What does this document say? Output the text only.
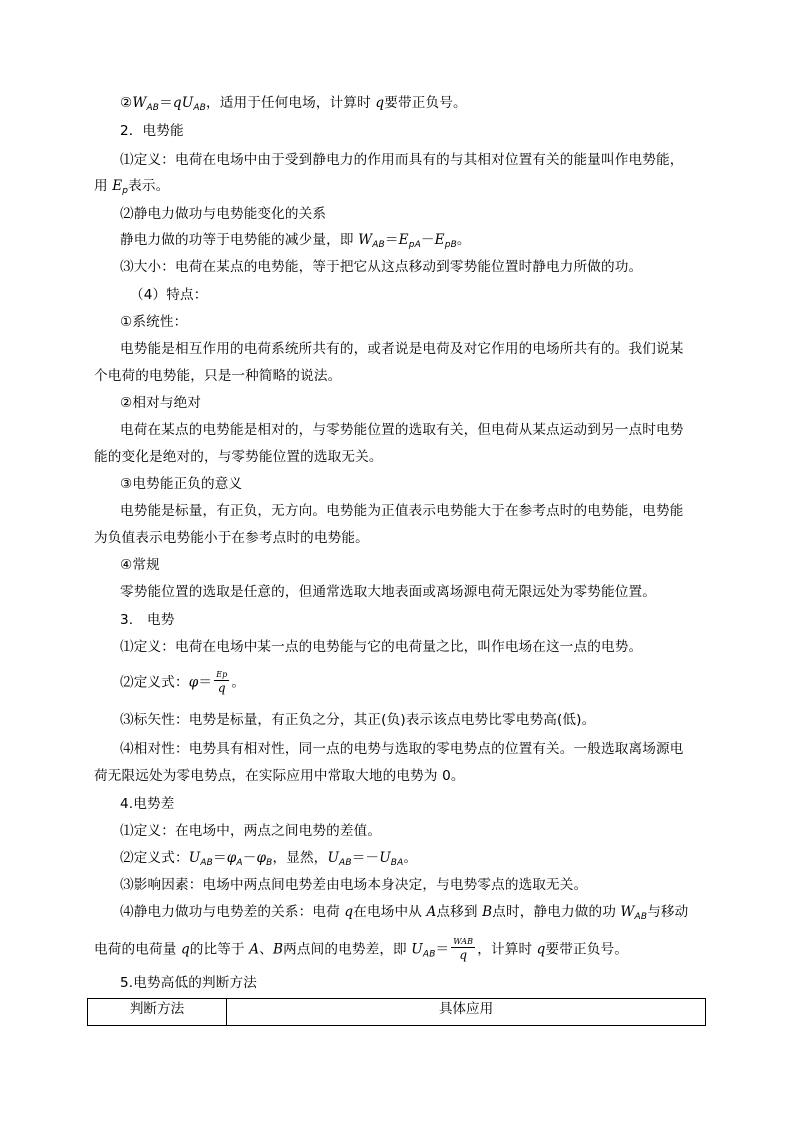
$②W_{AB}=qU_{AB}$，适用于任何电场，计算时 q要带正负号。
2．电势能
⑴定义：电荷在电场中由于受到静电力的作用而具有的与其相对位置有关的能量叫作电势能，
用 $E_p$表示。
⑵静电力做功与电势能变化的关系
静电力做的功等于电势能的减少量，即 $W_{AB}=E_{pA}-E_{pB}$。
⑶大小：电荷在某点的电势能，等于把它从这点移动到零势能位置时静电力所做的功。
（4）特点：
①系统性：
电势能是相互作用的电荷系统所共有的，或者说是电荷及对它作用的电场所共有的。我们说某
个电荷的电势能，只是一种简略的说法。
②相对与绝对
电荷在某点的电势能是相对的，与零势能位置的选取有关，但电荷从某点运动到另一点时电势
能的变化是绝对的，与零势能位置的选取无关。
③电势能正负的意义
电势能是标量，有正负，无方向。电势能为正值表示电势能大于在参考点时的电势能，电势能
为负值表示电势能小于在参考点时的电势能。
④常规
零势能位置的选取是任意的，但通常选取大地表面或离场源电荷无限远处为零势能位置。
3.　电势
⑴定义：电荷在电场中某一点的电势能与它的电荷量之比，叫作电场在这一点的电势。
⑵定义式：$\varphi= \frac{Ep}{q}$ 。
⑶标矢性：电势是标量，有正负之分，其正(负)表示该点电势比零电势高(低)。
⑷相对性：电势具有相对性，同一点的电势与选取的零电势点的位置有关。一般选取离场源电
荷无限远处为零电势点，在实际应用中常取大地的电势为 0。
4.电势差
⑴定义：在电场中，两点之间电势的差值。
⑵定义式：$U_{AB}=\varphi_A-\varphi_B$，显然，$U_{AB}=-U_{BA}$。
⑶影响因素：电场中两点间电势差由电场本身决定，与电势零点的选取无关。
⑷静电力做功与电势差的关系：电荷 q在电场中从 A点移到 B点时，静电力做的功 $W_{AB}$与移动
电荷的电荷量 q的比等于 A、B两点间的电势差，即 $U_{AB}= \frac{\text{WAB}}{q}$ ，计算时 q要带正负号。
5.电势高低的判断方法
判断方法	具体应用
